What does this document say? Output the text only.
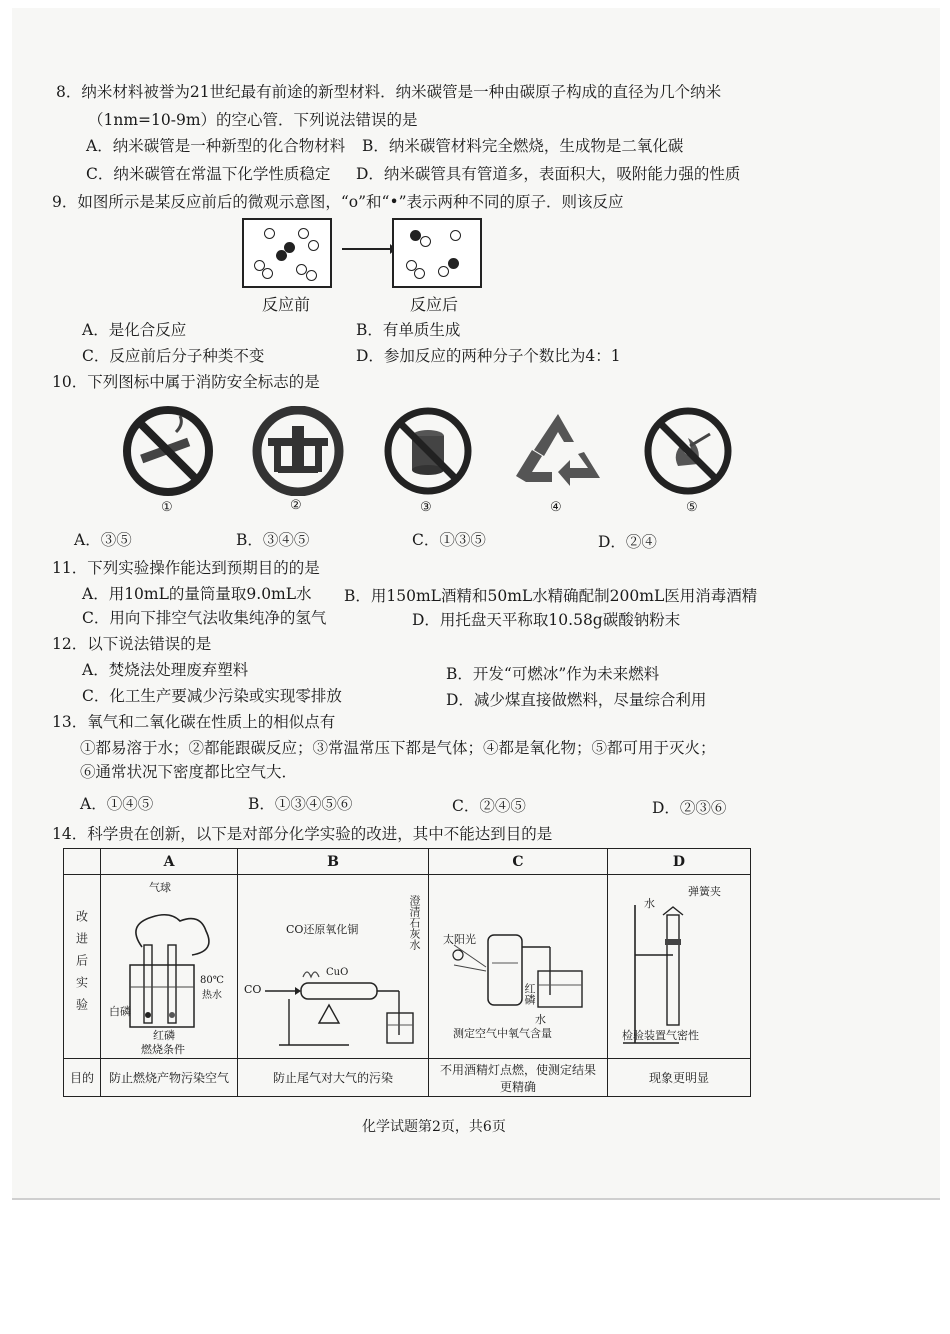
8．纳米材料被誉为21世纪最有前途的新型材料．纳米碳管是一种由碳原子构成的直径为几个纳米
（1nm=10-9m）的空心管．下列说法错误的是
A．纳米碳管是一种新型的化合物材料 B．纳米碳管材料完全燃烧，生成物是二氧化碳
C．纳米碳管在常温下化学性质稳定 D．纳米碳管具有管道多，表面积大，吸附能力强的性质
9．如图所示是某反应前后的微观示意图，“o”和“•”表示两种不同的原子．则该反应
反应前	反应后
A．是化合反应	B．有单质生成
C．反应前后分子种类不变	D．参加反应的两种分子个数比为4：1
10．下列图标中属于消防安全标志的是
①	②	③	④	⑤
A．③⑤	B．③④⑤	C．①③⑤	D．②④
11．下列实验操作能达到预期目的的是
A．用10mL的量筒量取9.0mL水 B．用150mL酒精和50mL水精确配制200mL医用消毒酒精
C．用向下排空气法收集纯净的氢气	D．用托盘天平称取10.58g碳酸钠粉末
12．以下说法错误的是
A．焚烧法处理废弃塑料	B．开发“可燃冰”作为未来燃料
C．化工生产要减少污染或实现零排放	D．减少煤直接做燃料，尽量综合利用
13．氧气和二氧化碳在性质上的相似点有
①都易溶于水；②都能跟碳反应；③常温常压下都是气体；④都是氧化物；⑤都可用于灭火；
⑥通常状况下密度都比空气大．
A．①④⑤	B．①③④⑤⑥	C．②④⑤	D．②③⑥
14．科学贵在创新，以下是对部分化学实验的改进，其中不能达到目的是
	A	B	C	D
改进后实验	气球
80℃热水
白磷
红磷
燃烧条件	CO还原氧化铜
CO
CuO
澄清石灰水	太阳光
红磷
水
测定空气中氧气含量	弹簧夹
水
检验装置气密性

目的	防止燃烧产物污染空气	防止尾气对大气的污染	不用酒精灯点燃，使测定结果更精确	现象更明显
化学试题第2页，共6页
